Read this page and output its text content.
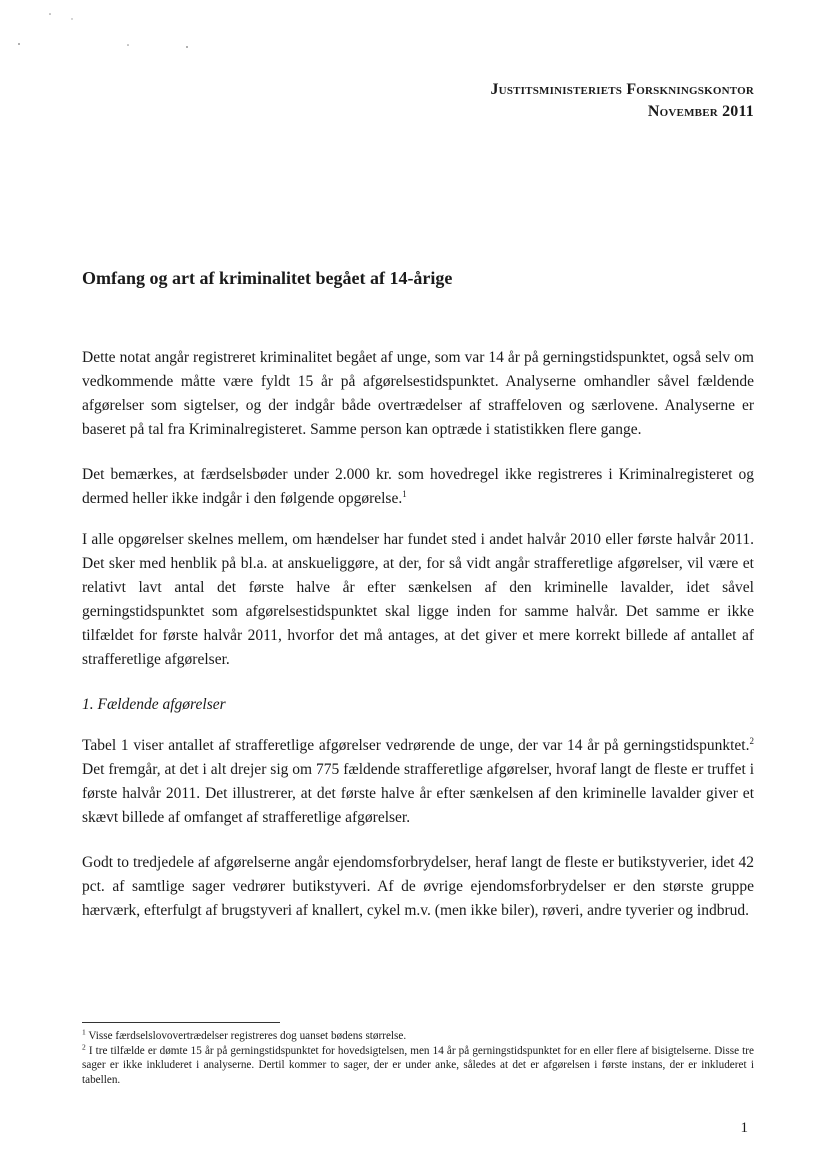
Justitsministeriets Forskningskontor
November 2011
Omfang og art af kriminalitet begået af 14-årige

Dette notat angår registreret kriminalitet begået af unge, som var 14 år på gerningstidspunktet, også selv om vedkommende måtte være fyldt 15 år på afgørelsestidspunktet. Analyserne omhandler såvel fældende afgørelser som sigtelser, og der indgår både overtrædelser af straffeloven og særlovene. Analyserne er baseret på tal fra Kriminalregisteret. Samme person kan optræde i statistikken flere gange.

Det bemærkes, at færdselsbøder under 2.000 kr. som hovedregel ikke registreres i Kriminalregisteret og dermed heller ikke indgår i den følgende opgørelse.$^1$

I alle opgørelser skelnes mellem, om hændelser har fundet sted i andet halvår 2010 eller første halvår 2011. Det sker med henblik på bl.a. at anskueliggøre, at der, for så vidt angår strafferetlige afgørelser, vil være et relativt lavt antal det første halve år efter sænkelsen af den kriminelle lavalder, idet såvel gerningstidspunktet som afgørelsestidspunktet skal ligge inden for samme halvår. Det samme er ikke tilfældet for første halvår 2011, hvorfor det må antages, at det giver et mere korrekt billede af antallet af strafferetlige afgørelser.

1. Fældende afgørelser

Tabel 1 viser antallet af strafferetlige afgørelser vedrørende de unge, der var 14 år på gerningstidspunktet.$^2$ Det fremgår, at det i alt drejer sig om 775 fældende strafferetlige afgørelser, hvoraf langt de fleste er truffet i første halvår 2011. Det illustrerer, at det første halve år efter sænkelsen af den kriminelle lavalder giver et skævt billede af omfanget af strafferetlige afgørelser.

Godt to tredjedele af afgørelserne angår ejendomsforbrydelser, heraf langt de fleste er butikstyverier, idet 42 pct. af samtlige sager vedrører butikstyveri. Af de øvrige ejendomsforbrydelser er den største gruppe hærværk, efterfulgt af brugstyveri af knallert, cykel m.v. (men ikke biler), røveri, andre tyverier og indbrud.

$^1$ Visse færdselslovovertrædelser registreres dog uanset bødens størrelse.

$^2$ I tre tilfælde er dømte 15 år på gerningstidspunktet for hovedsigtelsen, men 14 år på gerningstidspunktet for en eller flere af bisigtelserne. Disse tre sager er ikke inkluderet i analyserne. Dertil kommer to sager, der er under anke, således at det er afgørelsen i første instans, der er inkluderet i tabellen.

1
